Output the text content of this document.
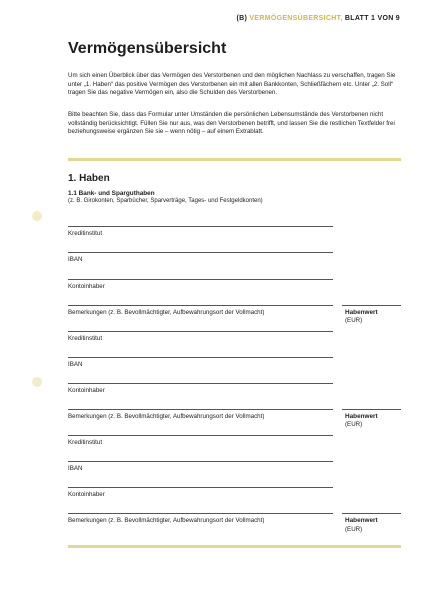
(B) VERMÖGENSÜBERSICHT, BLATT 1 VON 9
Vermögensübersicht

Um sich einen Überblick über das Vermögen des Verstorbenen und den möglichen Nachlass zu verschaffen, tragen Sie unter „1. Haben“ das positive Vermögen des Verstorbenen ein mit allen Bankkonten, Schließfächern etc. Unter „2. Soll“ tragen Sie das negative Vermögen ein, also die Schulden des Verstorbenen.

Bitte beachten Sie, dass das Formular unter Umständen die persönlichen Lebensumstände des Verstorbenen nicht vollständig berücksichtigt. Füllen Sie nur aus, was den Verstorbenen betrifft, und lassen Sie die restlichen Textfelder frei beziehungsweise ergänzen Sie sie – wenn nötig – auf einem Extrablatt.

1. Haben
1.1 Bank- und Sparguthaben

(z. B. Girokonten, Sparbücher, Sparverträge, Tages- und Festgeldkonten)

Kreditinstitut
IBAN
Kontoinhaber
Bemerkungen (z. B. Bevollmächtigter, Aufbewahrungsort der Vollmacht)	Habenwert
(EUR)
Kreditinstitut
IBAN
Kontoinhaber
Bemerkungen (z. B. Bevollmächtigter, Aufbewahrungsort der Vollmacht)	Habenwert
(EUR)
Kreditinstitut
IBAN
Kontoinhaber
Bemerkungen (z. B. Bevollmächtigter, Aufbewahrungsort der Vollmacht)	Habenwert
(EUR)
